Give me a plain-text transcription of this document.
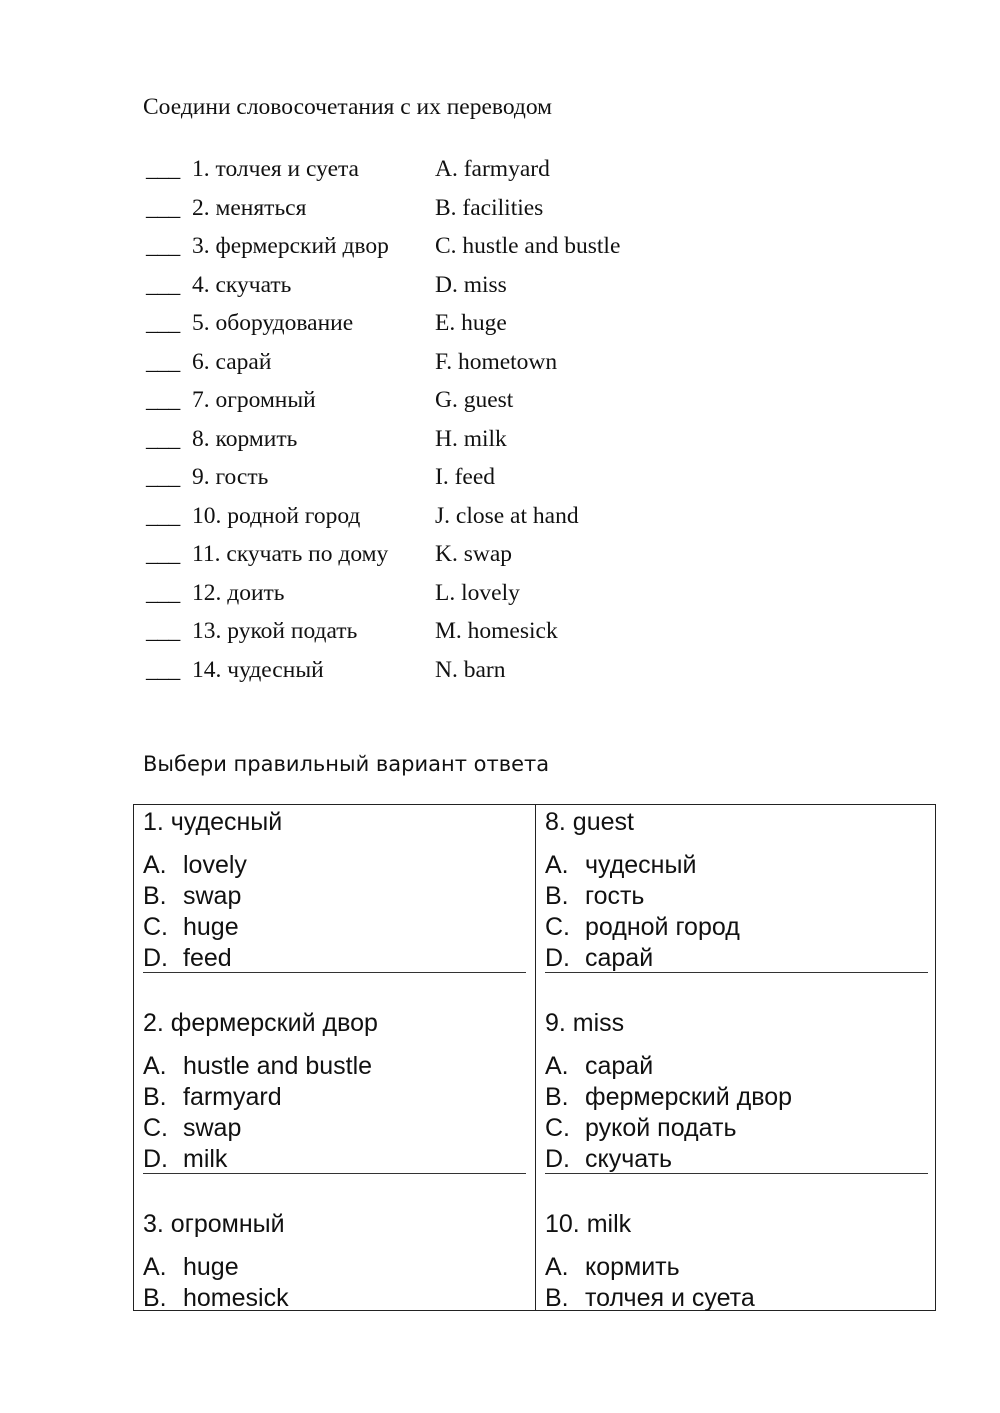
Соедини словосочетания с их переводом
___ 1. толчея и суета	A. farmyard
___ 2. меняться	B. facilities
___ 3. фермерский двор C. hustle and bustle
___ 4. скучать	D. miss
___ 5. оборудование	E. huge
___ 6. сарай	F. hometown
___ 7. огромный	G. guest
___ 8. кормить	H. milk
___ 9. гость	I. feed
___ 10. родной город	J. close at hand
___ 11. скучать по дому K. swap
___ 12. доить	L. lovely
___ 13. рукой подать	M. homesick
___ 14. чудесный	N. barn
Выбери правильный вариант ответа
1. чудесный
A. lovely
B. swap
C. huge
D. feed
2. фермерский двор
A. hustle and bustle
B. farmyard
C. swap
D. milk
3. огромный
A. huge
B. homesick
8. guest
A. чудесный
B. гость
C. родной город
D. сарай
9. miss
A. сарай
B. фермерский двор
C. рукой подать
D. скучать
10. milk
A. кормить
B. толчея и суета
